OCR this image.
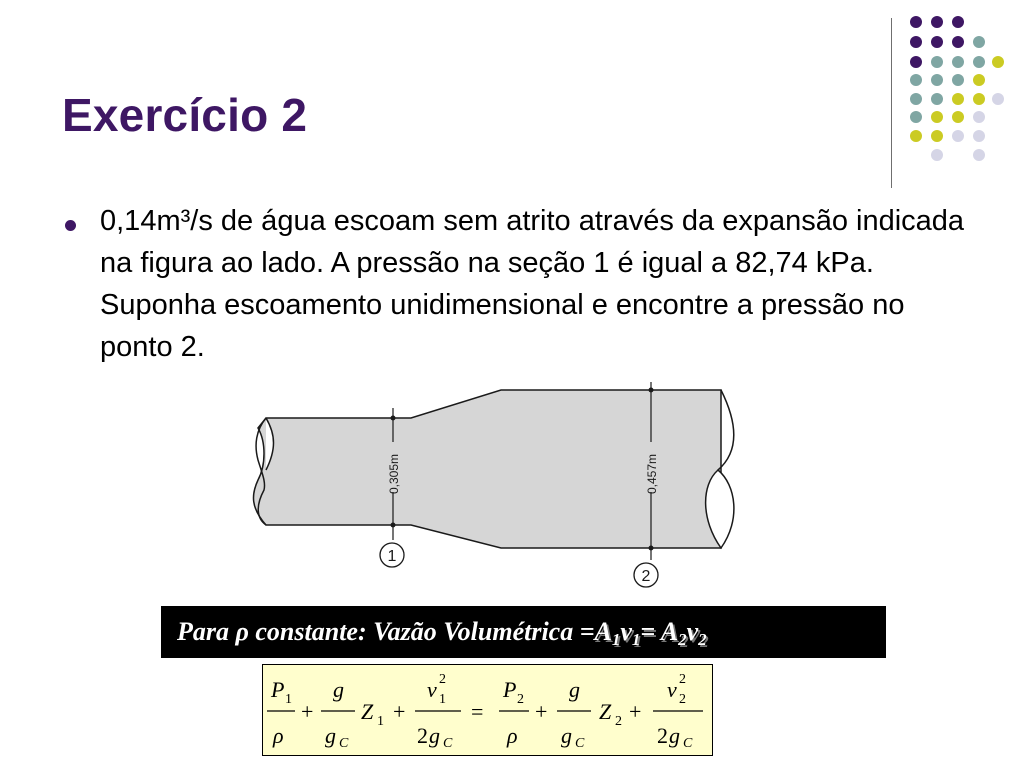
Exercício 2
0,14m³/s de água escoam sem atrito através da expansão indicada na figura ao lado. A pressão na seção 1 é igual a 82,74 kPa. Suponha escoamento unidimensional e encontre a pressão no ponto 2.
0,305m	0,457m
1
2
Para ρ constante: Vazão Volumétrica $=A_1v_1= A_2v_2$
P 1
ρ
+
g
g C
Z 1 +
v 2
1
2 g C
=
P 2
ρ
+
g
g C
Z 2 +
v 2
2
2 g C
